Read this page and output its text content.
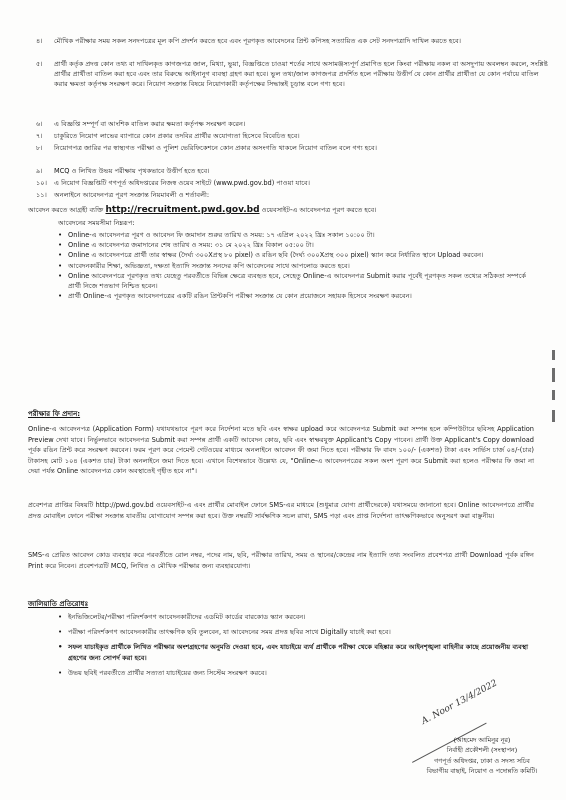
৪।	মৌখিক পরীক্ষার সময় সকল সনদপত্রের মূল কপি প্রদর্শন করতে হবে এবং পূরণকৃত আবেদনের প্রিন্ট কপিসহ সত্যায়িত এক সেট সনদপত্রাদি দাখিল করতে হবে।
৫।	প্রার্থী কর্তৃক প্রদত্ত কোন তথ্য বা দাখিলকৃত কাগজপত্র জাল, মিথ্যা, ভুয়া, বিজ্ঞপ্তিতে চাওয়া শর্তের সাথে অসামঞ্জস্যপূর্ণ প্রমাণিত হলে কিংবা পরীক্ষায় নকল বা অসদুপায় অবলম্বন করলে, সংশ্লিষ্ট প্রার্থীর প্রার্থীতা বাতিল করা হবে এবং তার বিরুদ্ধে আইনানুগ ব্যবস্থা গ্রহণ করা হবে। ভুল তথ্য/জাল কাগজপত্র প্রদর্শিত হলে পরীক্ষায় উত্তীর্ণ যে কোন প্রার্থীর প্রার্থীতা যে কোন পর্যায়ে বাতিল করার ক্ষমতা কর্তৃপক্ষ সংরক্ষণ করে। নিয়োগ সংক্রান্ত বিষয়ে নিয়োগকারী কর্তৃপক্ষের সিদ্ধান্তই চূড়ান্ত বলে গণ্য হবে।
৬।	এ বিজ্ঞপ্তি সম্পূর্ণ বা আংশিক বাতিল করার ক্ষমতা কর্তৃপক্ষ সংরক্ষণ করেন।
৭।	চাকুরিতে নিয়োগ লাভের ব্যাপারে কোন প্রকার তদবির প্রার্থীর অযোগ্যতা হিসেবে বিবেচিত হবে।
৮।	নিয়োগপত্র জারির পর স্বাস্থ্যগত পরীক্ষা ও পুলিশ ভেরিফিকেশনে কোন প্রকার অসংগতি থাকলে নিয়োগ বাতিল বলে গণ্য হবে।
৯।	MCQ ও লিখিত উভয় পরীক্ষায় পৃথকভাবে উত্তীর্ণ হতে হবে।
১০।	এ নিয়োগ বিজ্ঞপ্তিটি গণপূর্ত অধিদপ্তরের নিজস্ব ওয়েব সাইটে (www.pwd.gov.bd) পাওয়া যাবে।
১১।	অনলাইনে আবেদনপত্র পূরণ সংক্রান্ত নিয়মাবলী ও শর্তাবলী:
আবেদন করতে আগ্রহী ব্যক্তি http://recruitment.pwd.gov.bd ওয়েবসাইট-এ আবেদনপত্র পূরণ করতে হবে।
আবেদনের সময়সীমা নিম্নরূপ:
• Online-এ আবেদনপত্র পূরণ ও আবেদন ফি জমাদান শুরুর তারিখ ও সময়: ১৭ এপ্রিল ২০২২ খ্রিঃ সকাল ১০:০০ টা।
• Online এ আবেদনপত্র জমাদানের শেষ তারিখ ও সময়: ৩১ মে ২০২২ খ্রিঃ বিকাল ০৫:০০ টা।
• Online এ আবেদনপত্রে প্রার্থী তার স্বাক্ষর (দৈর্ঘ্য ৩০০Xপ্রস্থ ৮০ pixel) ও রঙিন ছবি (দৈর্ঘ্য ৩০০Xপ্রস্থ ৩০০ pixel) স্ক্যান করে নির্ধারিত স্থানে Upload করবেন।
• আবেদনকারীর শিক্ষা, অভিজ্ঞতা, দক্ষতা ইত্যাদি সংক্রান্ত সনদের কপি আবেদনের সাথে আপলোড করতে হবে।
• Online আবেদনপত্রে পূরণকৃত তথ্য যেহেতু পরবর্তীতে বিভিন্ন ক্ষেত্রে ব্যবহৃত হবে, সেহেতু Online-এ আবেদনপত্র Submit করার পূর্বেই পূরণকৃত সকল তথ্যের সঠিকতা সম্পর্কে প্রার্থী নিজে শতভাগ নিশ্চিত হবেন।
• প্রার্থী Online-এ পূরণকৃত আবেদনপত্রের একটি রঙিন প্রিন্টকপি পরীক্ষা সংক্রান্ত যে কোন প্রয়োজনে সহায়ক হিসেবে সংরক্ষণ করবেন।
পরীক্ষার ফি প্রদান:
Online-এ আবেদনপত্র (Application Form) যথাযথভাবে পূরণ করে নির্দেশনা মতে ছবি এবং স্বাক্ষর upload করে আবেদনপত্র Submit করা সম্পন্ন হলে কম্পিউটারে ছবিসহ Application Preview দেখা যাবে। নির্ভুলভাবে আবেদনপত্র Submit করা সম্পন্ন প্রার্থী একটি আবেদন কোড, ছবি এবং স্বাক্ষরযুক্ত Applicant's Copy পাবেন। প্রার্থী উক্ত Applicant's Copy download পূর্বক রঙিন প্রিন্ট করে সংরক্ষণ করবেন। ফরম পূরণ করে পেমেন্ট গেটওয়ের মাধ্যমে অনলাইনে আবেদন ফী জমা দিতে হবে। পরীক্ষার ফি বাবদ ১০০/- (একশত) টাকা এবং সার্ভিস চার্জ ০৪/-(চার) টাকাসহ মোট ১০৪ (একশত চার) টাকা অনলাইনে জমা দিতে হবে। এখানে বিশেষভাবে উল্লেখ্য যে, "Online-এ আবেদনপত্রের সকল অংশ পূরণ করে Submit করা হলেও পরীক্ষার ফি জমা না দেয়া পর্যন্ত Online আবেদনপত্র কোন অবস্থাতেই গৃহীত হবে না"।
প্রবেশপত্র প্রাপ্তির বিষয়টি http://pwd.gov.bd ওয়েবসাইট-এ এবং প্রার্থীর মোবাইল ফোনে SMS-এর মাধ্যমে (শুধুমাত্র যোগ্য প্রার্থীদেরকে) যথাসময়ে জানানো হবে। Online আবেদনপত্রে প্রার্থীর প্রদত্ত মোবাইল ফোনে পরীক্ষা সংক্রান্ত যাবতীয় যোগাযোগ সম্পন্ন করা হবে। উক্ত নম্বরটি সার্বক্ষণিক সচল রাখা, SMS পড়া এবং প্রাপ্ত নির্দেশনা তাৎক্ষণিকভাবে অনুসরণ করা বাঞ্ছনীয়।
SMS-এ প্রেরিত আবেদন কোড ব্যবহার করে পরবর্তীতে রোল নম্বর, পদের নাম, ছবি, পরীক্ষার তারিখ, সময় ও স্থানের/কেন্দ্রের নাম ইত্যাদি তথ্য সংবলিত প্রবেশপত্র প্রার্থী Download পূর্বক রঙ্গিন Print করে নিবেন। প্রবেশপত্রটি MCQ, লিখিত ও মৌখিক পরীক্ষার জন্য ব্যবহারযোগ্য।
জালিয়াতি প্রতিরোধঃ
• ইনভিজিলেটর/পরীক্ষা পরিদর্শকগণ আবেদনকারীদের এডমিট কার্ডের বারকোড স্ক্যান করবেন।
• পরীক্ষা পরিদর্শকগণ আবেদনকারীর তাৎক্ষণিক ছবি তুলবেন, যা আবেদনের সময় প্রদত্ত ছবির সাথে Digitally যাচাই করা হবে।
• সফল যাচাইকৃত প্রার্থীকে লিখিত পরীক্ষার অংশগ্রহণের অনুমতি দেওয়া হবে, এবং যাচাইয়ে ব্যর্থ প্রার্থীকে পরীক্ষা থেকে বহিষ্কার করে আইনশৃঙ্খলা বাহিনীর কাছে প্রয়োজনীয় ব্যবস্থা গ্রহণের জন্য সোপর্দ করা হবে।
• উভয় ছবিই পরবর্তীতে প্রার্থীর সত্যতা যাচাইয়ের জন্য সিস্টেম সংরক্ষণ করবে।
A. Noor 13/4/2022
(আহমেদ আমিনুর নূর)
নির্বাহী প্রকৌশলী (সংস্থাপন)
গণপূর্ত অধিদপ্তর, ঢাকা ও সদস্য সচিব
বিভাগীয় বাছাই, নিয়োগ ও পদোন্নতি কমিটি।
